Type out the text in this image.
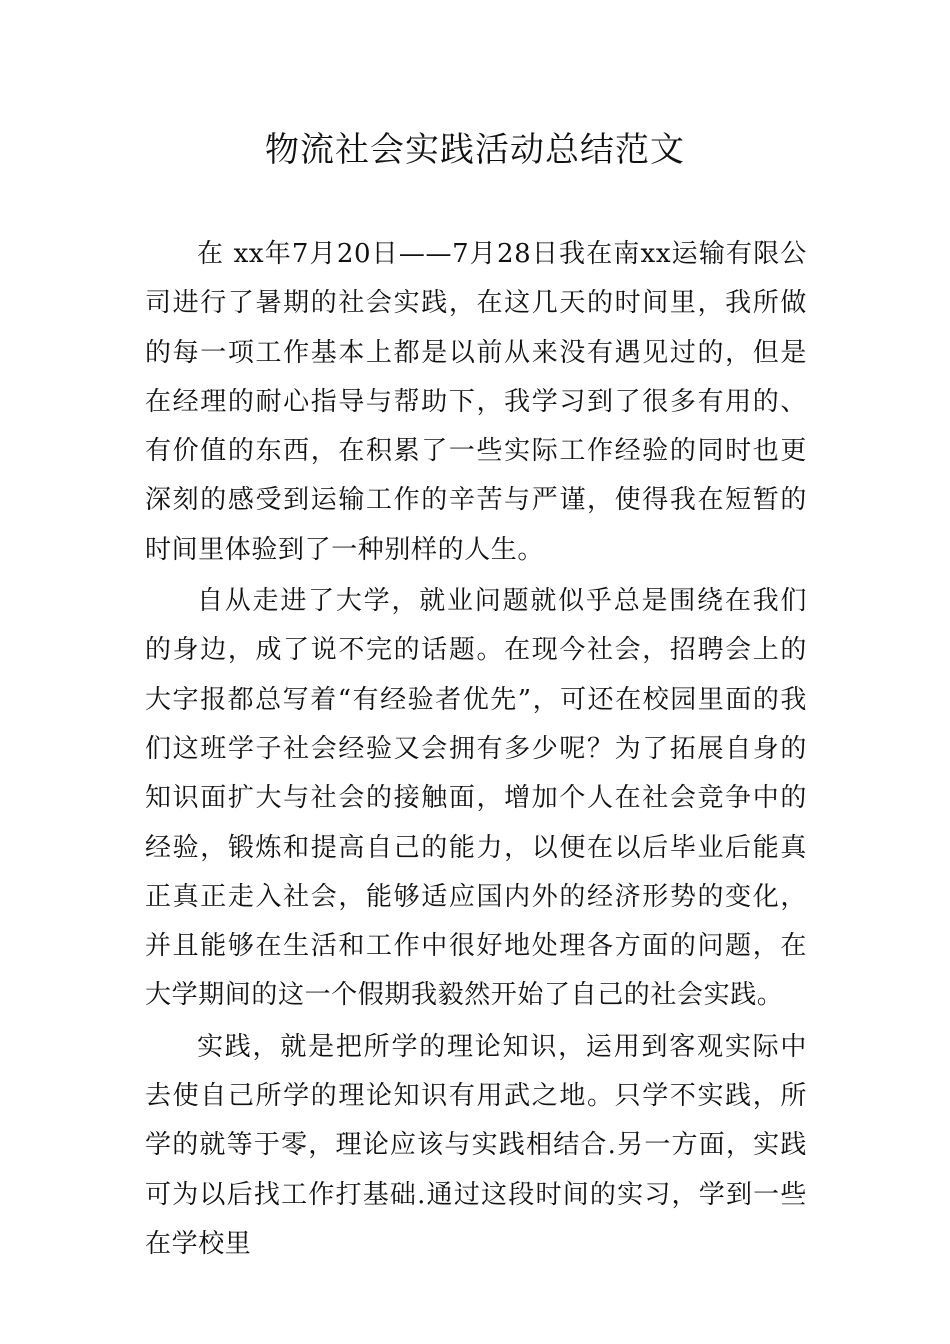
物流社会实践活动总结范文

在 xx年7月20日——7月28日我在南xx运输有限公司进行了暑期的社会实践，在这几天的时间里，我所做的每一项工作基本上都是以前从来没有遇见过的，但是在经理的耐心指导与帮助下，我学习到了很多有用的、有价值的东西，在积累了一些实际工作经验的同时也更深刻的感受到运输工作的辛苦与严谨，使得我在短暂的时间里体验到了一种别样的人生。

自从走进了大学，就业问题就似乎总是围绕在我们的身边，成了说不完的话题。在现今社会，招聘会上的大字报都总写着“有经验者优先”，可还在校园里面的我们这班学子社会经验又会拥有多少呢？为了拓展自身的知识面扩大与社会的接触面，增加个人在社会竞争中的经验，锻炼和提高自己的能力，以便在以后毕业后能真正真正走入社会，能够适应国内外的经济形势的变化，并且能够在生活和工作中很好地处理各方面的问题，在大学期间的这一个假期我毅然开始了自己的社会实践。

实践，就是把所学的理论知识，运用到客观实际中去使自己所学的理论知识有用武之地。只学不实践，所学的就等于零，理论应该与实践相结合.另一方面，实践可为以后找工作打基础.通过这段时间的实习，学到一些在学校里
